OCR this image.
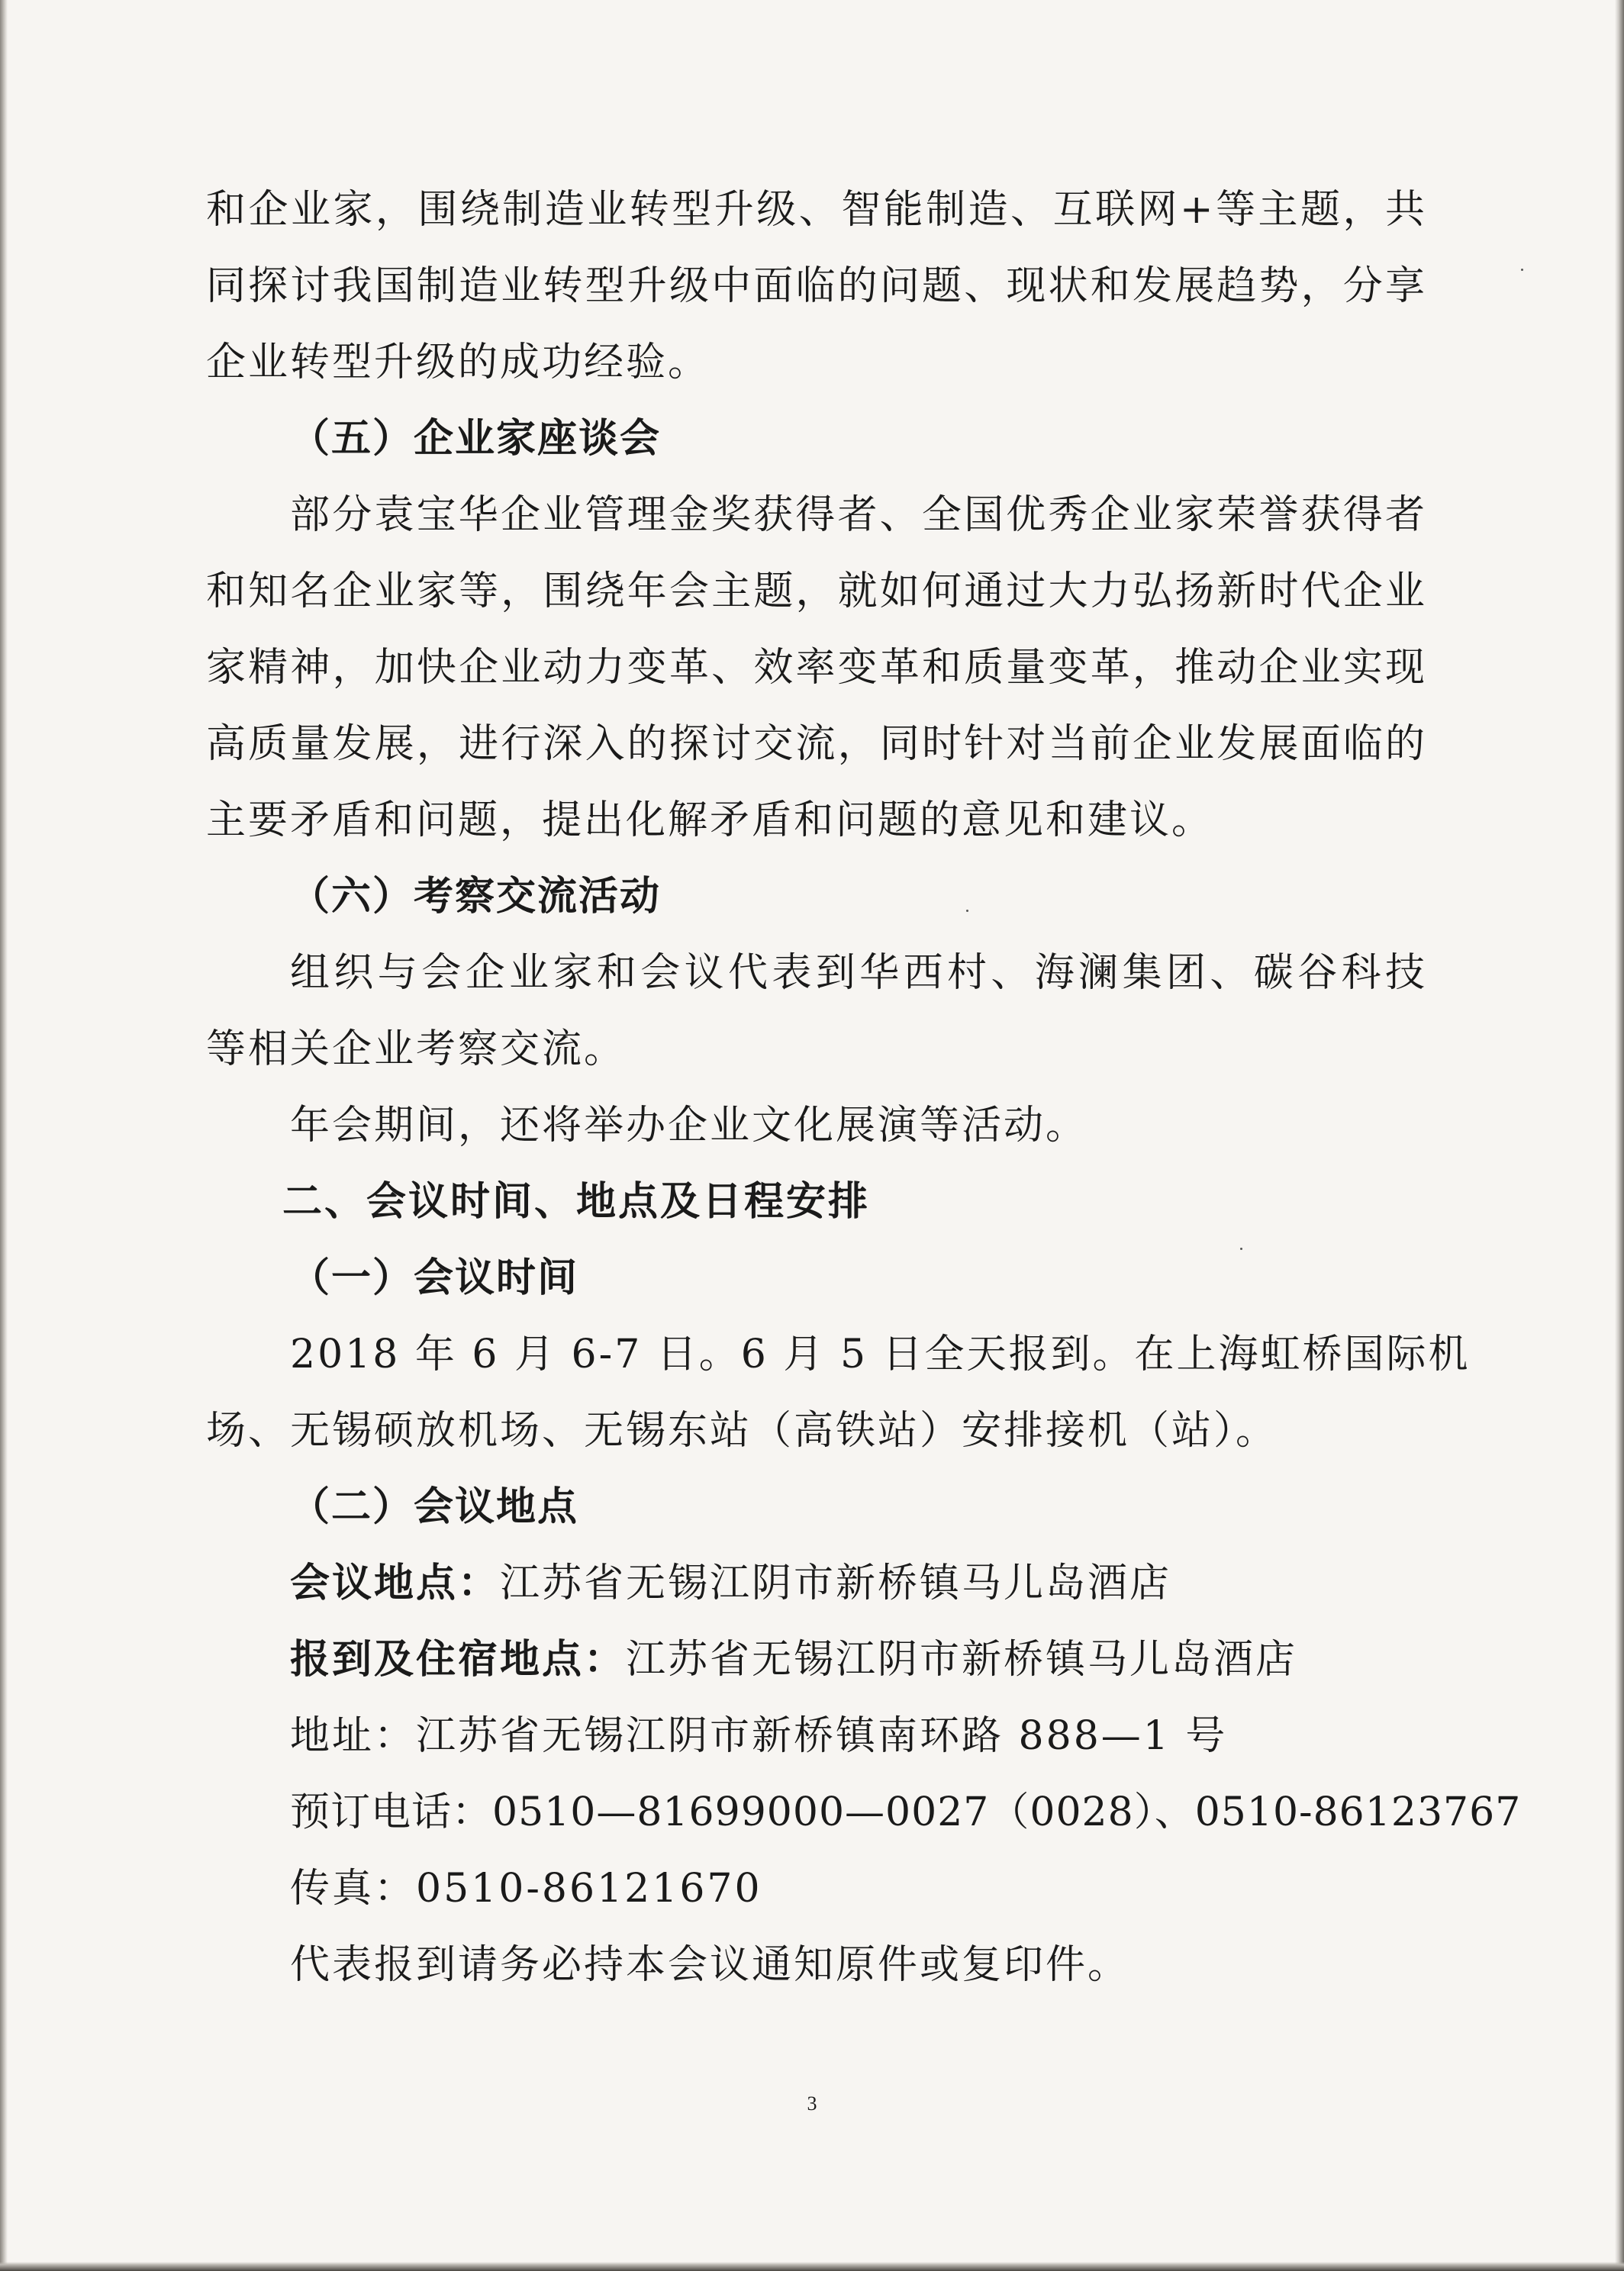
和企业家，围绕制造业转型升级、智能制造、互联网+等主题，共
同探讨我国制造业转型升级中面临的问题、现状和发展趋势，分享
企业转型升级的成功经验。
（五）企业家座谈会
部分袁宝华企业管理金奖获得者、全国优秀企业家荣誉获得者
和知名企业家等，围绕年会主题，就如何通过大力弘扬新时代企业
家精神，加快企业动力变革、效率变革和质量变革，推动企业实现
高质量发展，进行深入的探讨交流，同时针对当前企业发展面临的
主要矛盾和问题，提出化解矛盾和问题的意见和建议。
（六）考察交流活动
组织与会企业家和会议代表到华西村、海澜集团、碳谷科技
等相关企业考察交流。
年会期间，还将举办企业文化展演等活动。
二、会议时间、地点及日程安排
（一）会议时间
2018 年 6 月 6-7 日。6 月 5 日全天报到。在上海虹桥国际机
场、无锡硕放机场、无锡东站（高铁站）安排接机（站）。
（二）会议地点
会议地点：江苏省无锡江阴市新桥镇马儿岛酒店
报到及住宿地点：江苏省无锡江阴市新桥镇马儿岛酒店
地址：江苏省无锡江阴市新桥镇南环路 888—1 号
预订电话：0510—81699000—0027（0028）、0510-86123767
传真：0510-86121670
代表报到请务必持本会议通知原件或复印件。
3
